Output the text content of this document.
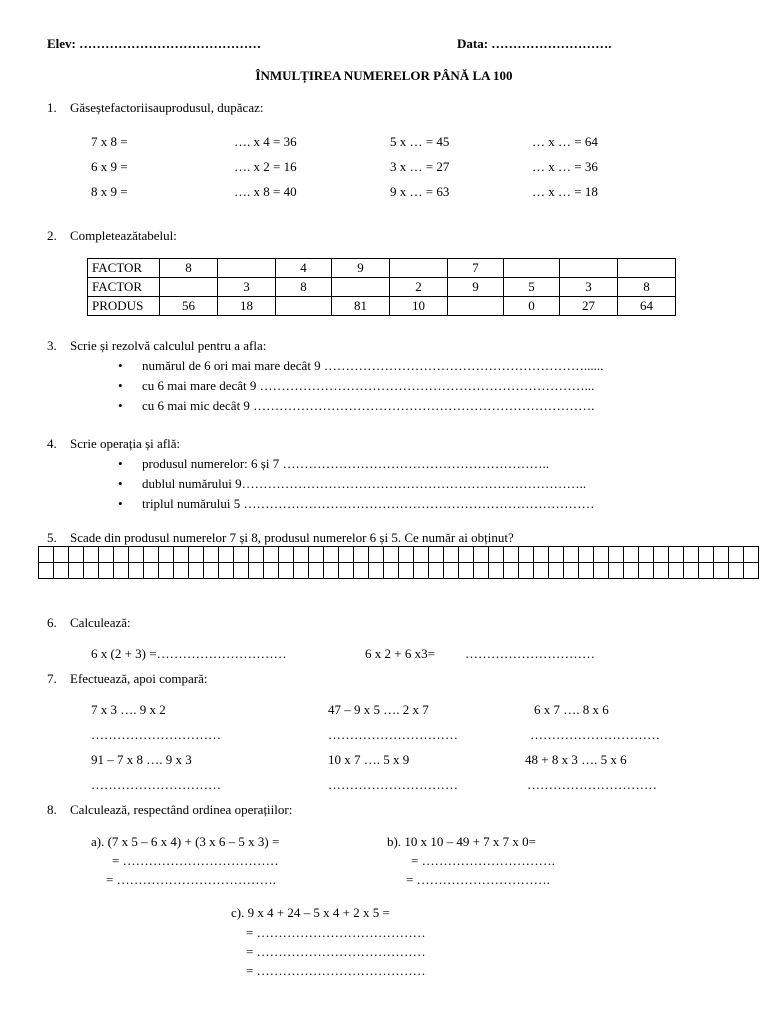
Elev: ……………………………………	Data: ……………………….
ÎNMULȚIREA NUMERELOR PÂNĂ LA 100
1. Găseștefactoriisauprodusul, dupăcaz:
7 x 8 =	…. x 4 = 36	5 x … = 45	… x … = 64
6 x 9 =	…. x 2 = 16	3 x … = 27	… x … = 36
8 x 9 =	…. x 8 = 40	9 x … = 63	… x … = 18
2. Completeazătabelul:
FACTOR	8		4	9		7			
FACTOR		3	8		2	9	5	3	8
PRODUS	56	18		81	10		0	27	64
3. Scrie și rezolvă calculul pentru a afla:
• numărul de 6 ori mai mare decât 9 ……………………………………………………......
• cu 6 mai mare decât 9 …………………………………………………………………...
• cu 6 mai mic decât 9 …………………………………………………………………….
4. Scrie operația și află:
• produsul numerelor: 6 și 7 ……………………………………………………..
• dublul numărului 9……………………………………………………………………..
• triplul numărului 5 ………………………………………………………………………
5. Scade din produsul numerelor 7 și 8, produsul numerelor 6 și 5. Ce număr ai obținut?

6. Calculează:
6 x (2 + 3) =…………………………	6 x 2 + 6 x3= …………………………
7. Efectuează, apoi compară:
7 x 3 …. 9 x 2	47 – 9 x 5 …. 2 x 7	6 x 7 …. 8 x 6
…………………………	…………………………	…………………………
91 – 7 x 8 …. 9 x 3	10 x 7 …. 5 x 9	48 + 8 x 3 …. 5 x 6
…………………………	…………………………	…………………………
8. Calculează, respectând ordinea operațiilor:
a). (7 x 5 – 6 x 4) + (3 x 6 – 5 x 3) =
= ………………………………
= ……………………………….
b). 10 x 10 – 49 + 7 x 7 x 0=
= ………………………….
= ………………………….
c). 9 x 4 + 24 – 5 x 4 + 2 x 5 =
= …………………………………
= …………………………………
= …………………………………
